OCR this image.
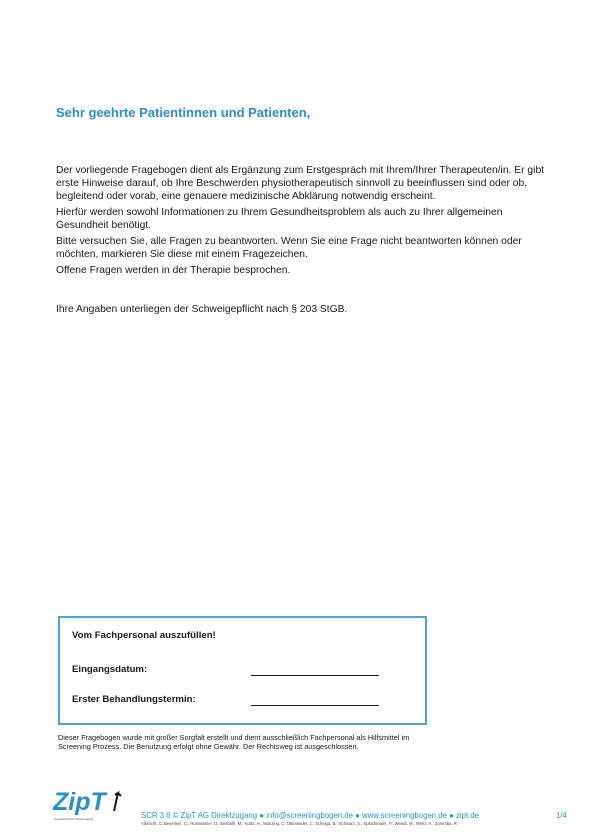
Sehr geehrte Patientinnen und Patienten,

Der vorliegende Fragebogen dient als Ergänzung zum Erstgespräch mit Ihrem/Ihrer Therapeuten/in. Er gibt erste Hinweise darauf, ob Ihre Beschwerden physiotherapeutisch sinnvoll zu beeinflussen sind oder ob, begleitend oder vorab, eine genauere medizinische Abklärung notwendig erscheint.

Hierfür werden sowohl Informationen zu Ihrem Gesundheitsproblem als auch zu Ihrer allgemeinen Gesundheit benötigt.

Bitte versuchen Sie, alle Fragen zu beantworten. Wenn Sie eine Frage nicht beantworten können oder möchten, markieren Sie diese mit einem Fragezeichen.

Offene Fragen werden in der Therapie besprochen.

Ihre Angaben unterliegen der Schweigepflicht nach § 203 StGB.

Vom Fachpersonal auszufüllen!
Eingangsdatum:
Erster Behandlungstermin:
Dieser Fragebogen wurde mit großer Sorgfalt erstellt und dient ausschließlich Fachpersonal als Hilfsmittel im Screening Prozess. Die Benutzung erfolgt ohne Gewähr. Der Rechtsweg ist ausgeschlossen.
ZipT
Gesellschaft für Direktzugang	SCR 3.6 © ZipT AG Direktzugang ● info@screeningbogen.de ● www.screeningbogen.de ● zipt.de	1/4
Albrecht, C; Beyerlein, C.; Hornsteiner, U; Isenbahl, M.; Kortz, H.; Münzing, C; Oberweder, J.; Scheiga, B.; Schwarz, S.; Splüchmaier, P.; Wendt, M.; Weitz, A.; Zoremba, R.
